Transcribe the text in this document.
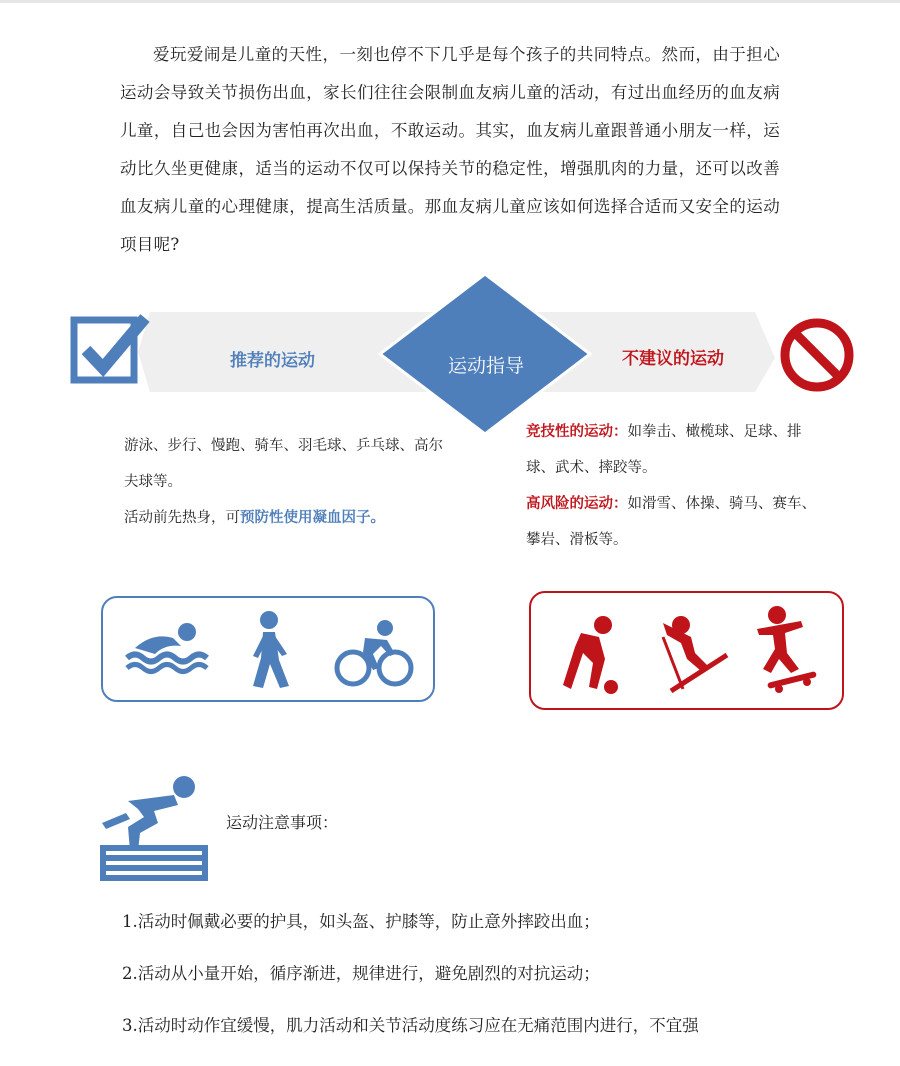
爱玩爱闹是儿童的天性，一刻也停不下几乎是每个孩子的共同特点。然而，由于担心运动会导致关节损伤出血，家长们往往会限制血友病儿童的活动，有过出血经历的血友病儿童，自己也会因为害怕再次出血，不敢运动。其实，血友病儿童跟普通小朋友一样，运动比久坐更健康，适当的运动不仅可以保持关节的稳定性，增强肌肉的力量，还可以改善血友病儿童的心理健康，提高生活质量。那血友病儿童应该如何选择合适而又安全的运动项目呢?

推荐的运动	运动指导	不建议的运动
游泳、步行、慢跑、骑车、羽毛球、乒乓球、高尔夫球等。
活动前先热身，可预防性使用凝血因子。
竞技性的运动：如拳击、橄榄球、足球、排球、武术、摔跤等。
高风险的运动：如滑雪、体操、骑马、赛车、攀岩、滑板等。

运动注意事项：

1.活动时佩戴必要的护具，如头盔、护膝等，防止意外摔跤出血；
2.活动从小量开始，循序渐进，规律进行，避免剧烈的对抗运动；
3.活动时动作宜缓慢，肌力活动和关节活动度练习应在无痛范围内进行，不宜强
